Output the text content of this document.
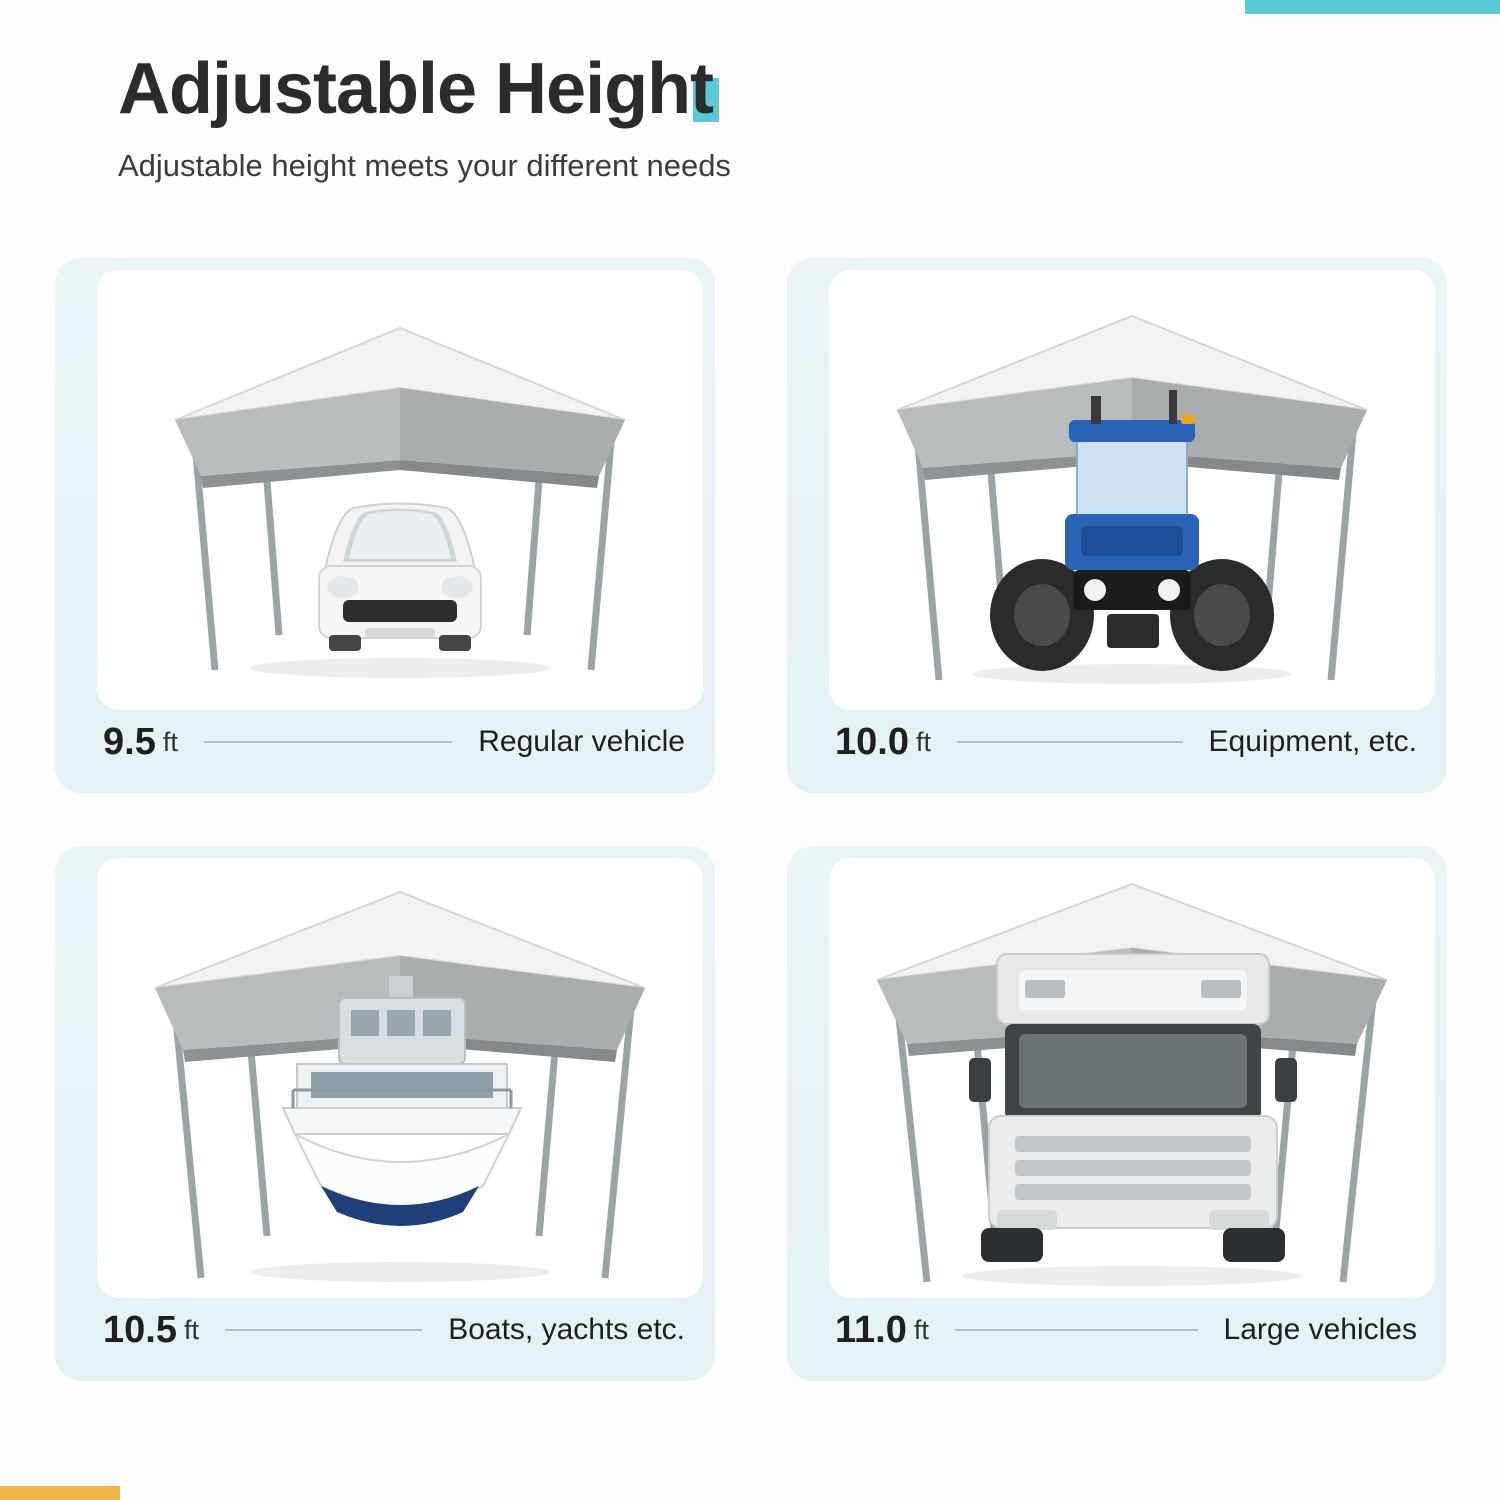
Adjustable Height
Adjustable height meets your different needs
9.5 ft	Regular vehicle	10.0 ft	Equipment, etc.
10.5 ft	Boats, yachts etc.	11.0 ft	Large vehicles
